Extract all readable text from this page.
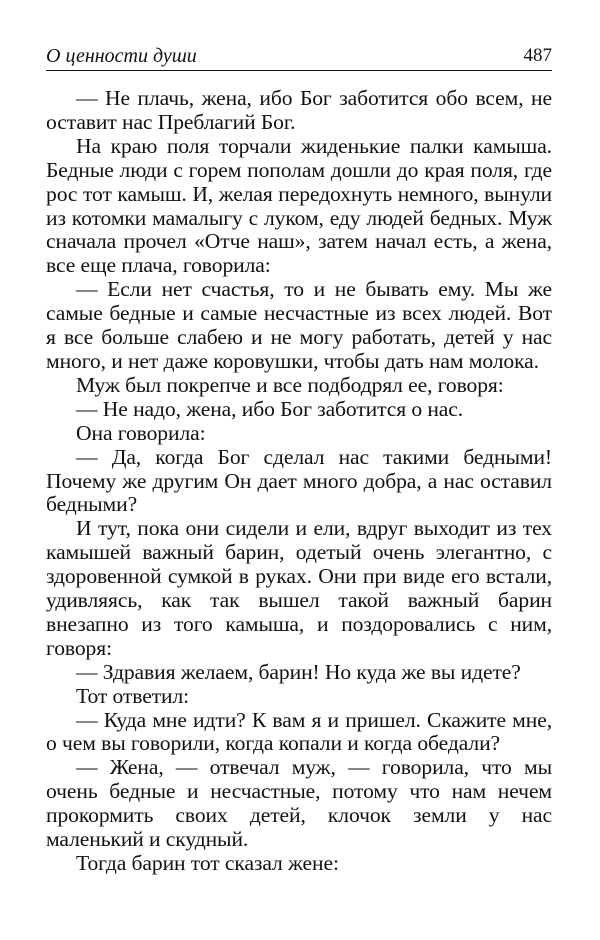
О ценности души	487

— Не плачь, жена, ибо Бог заботится обо всем, не оставит нас Преблагий Бог.

На краю поля торчали жиденькие палки камыша. Бедные люди с горем пополам дошли до края поля, где рос тот камыш. И, желая передохнуть немного, вынули из котомки мамалыгу с луком, еду людей бедных. Муж сначала прочел «Отче наш», затем начал есть, а жена, все еще плача, говорила:

— Если нет счастья, то и не бывать ему. Мы же самые бедные и самые несчастные из всех людей. Вот я все больше слабею и не могу работать, детей у нас много, и нет даже коровушки, чтобы дать нам молока.

Муж был покрепче и все подбодрял ее, говоря:

— Не надо, жена, ибо Бог заботится о нас.

Она говорила:

— Да, когда Бог сделал нас такими бедными! Почему же другим Он дает много добра, а нас оставил бедными?

И тут, пока они сидели и ели, вдруг выходит из тех камышей важный барин, одетый очень элегантно, с здоровенной сумкой в руках. Они при виде его встали, удивляясь, как так вышел такой важный барин внезапно из того камыша, и поздоровались с ним, говоря:

— Здравия желаем, барин! Но куда же вы идете?

Тот ответил:

— Куда мне идти? К вам я и пришел. Скажите мне, о чем вы говорили, когда копали и когда обедали?

— Жена, — отвечал муж, — говорила, что мы очень бедные и несчастные, потому что нам нечем прокормить своих детей, клочок земли у нас маленький и скудный.

Тогда барин тот сказал жене:
